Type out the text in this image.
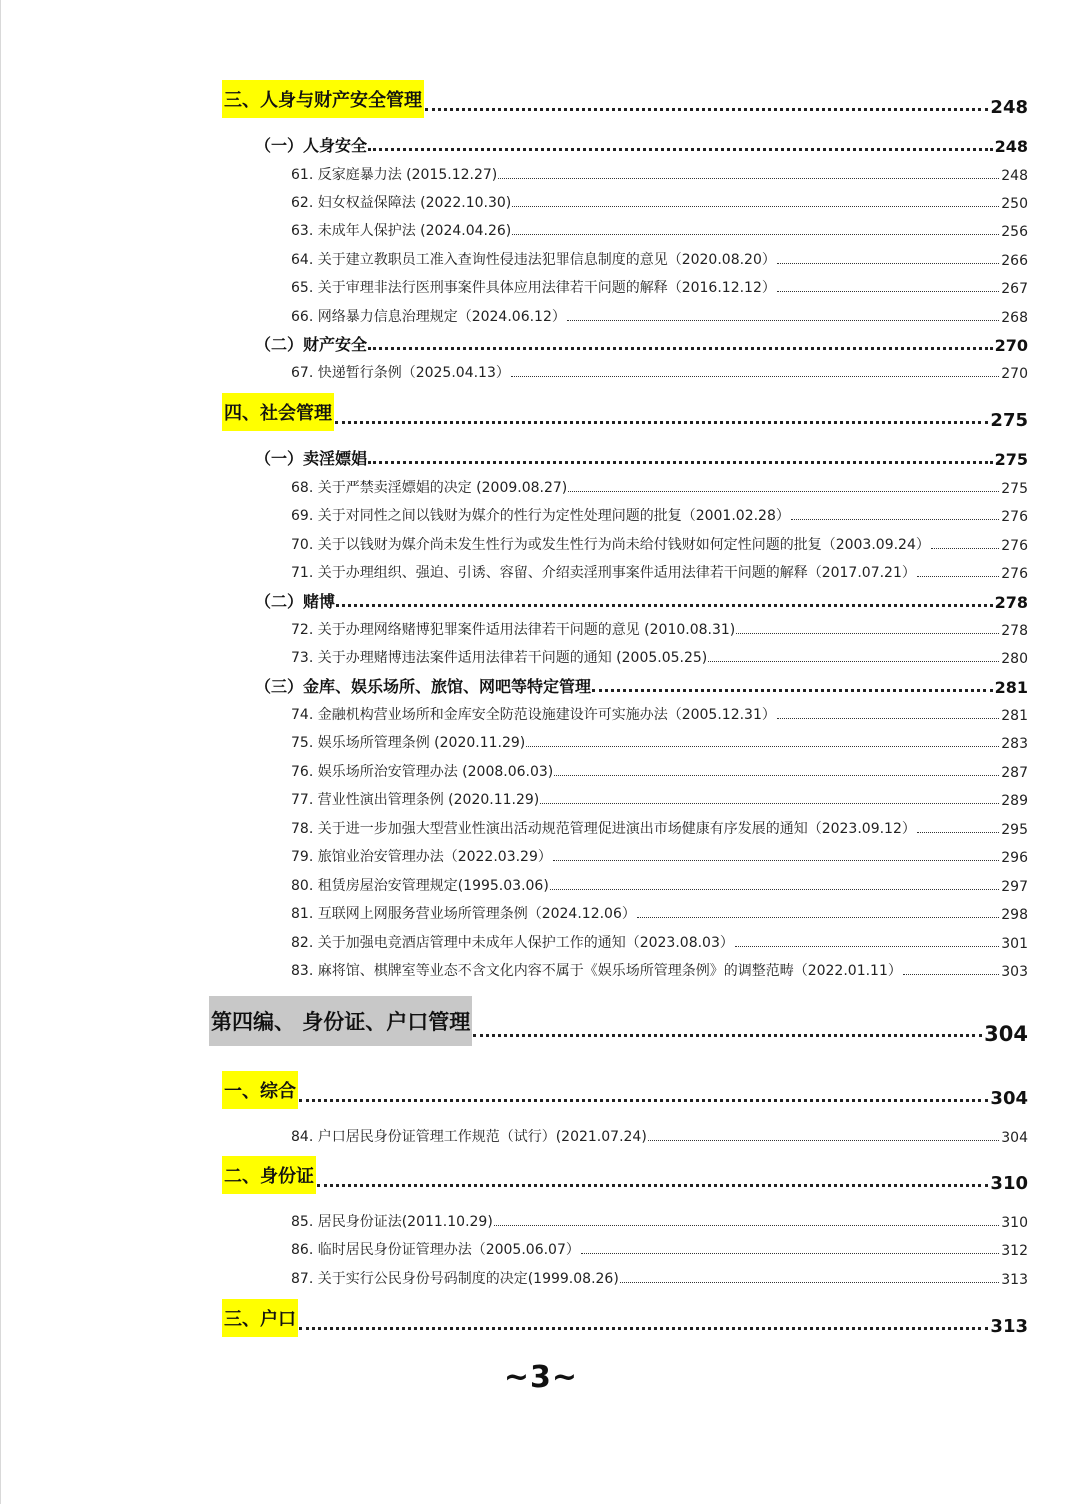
三、人身与财产安全管理	248
（一）人身安全	248
61. 反家庭暴力法 (2015.12.27)	248
62. 妇女权益保障法 (2022.10.30)	250
63. 未成年人保护法 (2024.04.26)	256
64. 关于建立教职员工准入查询性侵违法犯罪信息制度的意见（2020.08.20）	266
65. 关于审理非法行医刑事案件具体应用法律若干问题的解释（2016.12.12）	267
66. 网络暴力信息治理规定（2024.06.12）	268
（二）财产安全	270
67. 快递暂行条例（2025.04.13）	270
四、社会管理	275
（一）卖淫嫖娼	275
68. 关于严禁卖淫嫖娼的决定 (2009.08.27)	275
69. 关于对同性之间以钱财为媒介的性行为定性处理问题的批复（2001.02.28）	276
70. 关于以钱财为媒介尚未发生性行为或发生性行为尚未给付钱财如何定性问题的批复（2003.09.24）	276
71. 关于办理组织、强迫、引诱、容留、介绍卖淫刑事案件适用法律若干问题的解释（2017.07.21）	276
（二）赌博	278
72. 关于办理网络赌博犯罪案件适用法律若干问题的意见 (2010.08.31)	278
73. 关于办理赌博违法案件适用法律若干问题的通知 (2005.05.25)	280
（三）金库、娱乐场所、旅馆、网吧等特定管理	281
74. 金融机构营业场所和金库安全防范设施建设许可实施办法（2005.12.31）	281
75. 娱乐场所管理条例 (2020.11.29)	283
76. 娱乐场所治安管理办法 (2008.06.03)	287
77. 营业性演出管理条例 (2020.11.29)	289
78. 关于进一步加强大型营业性演出活动规范管理促进演出市场健康有序发展的通知（2023.09.12）	295
79. 旅馆业治安管理办法（2022.03.29）	296
80. 租赁房屋治安管理规定(1995.03.06)	297
81. 互联网上网服务营业场所管理条例（2024.12.06）	298
82. 关于加强电竞酒店管理中未成年人保护工作的通知（2023.08.03）	301
83. 麻将馆、棋牌室等业态不含文化内容不属于《娱乐场所管理条例》的调整范畴（2022.01.11）	303
第四编、 身份证、户口管理	304
一、综合	304
84. 户口居民身份证管理工作规范（试行）(2021.07.24)	304
二、身份证	310
85. 居民身份证法(2011.10.29)	310
86. 临时居民身份证管理办法（2005.06.07）	312
87. 关于实行公民身份号码制度的决定(1999.08.26)	313
三、户口	313
~3~
